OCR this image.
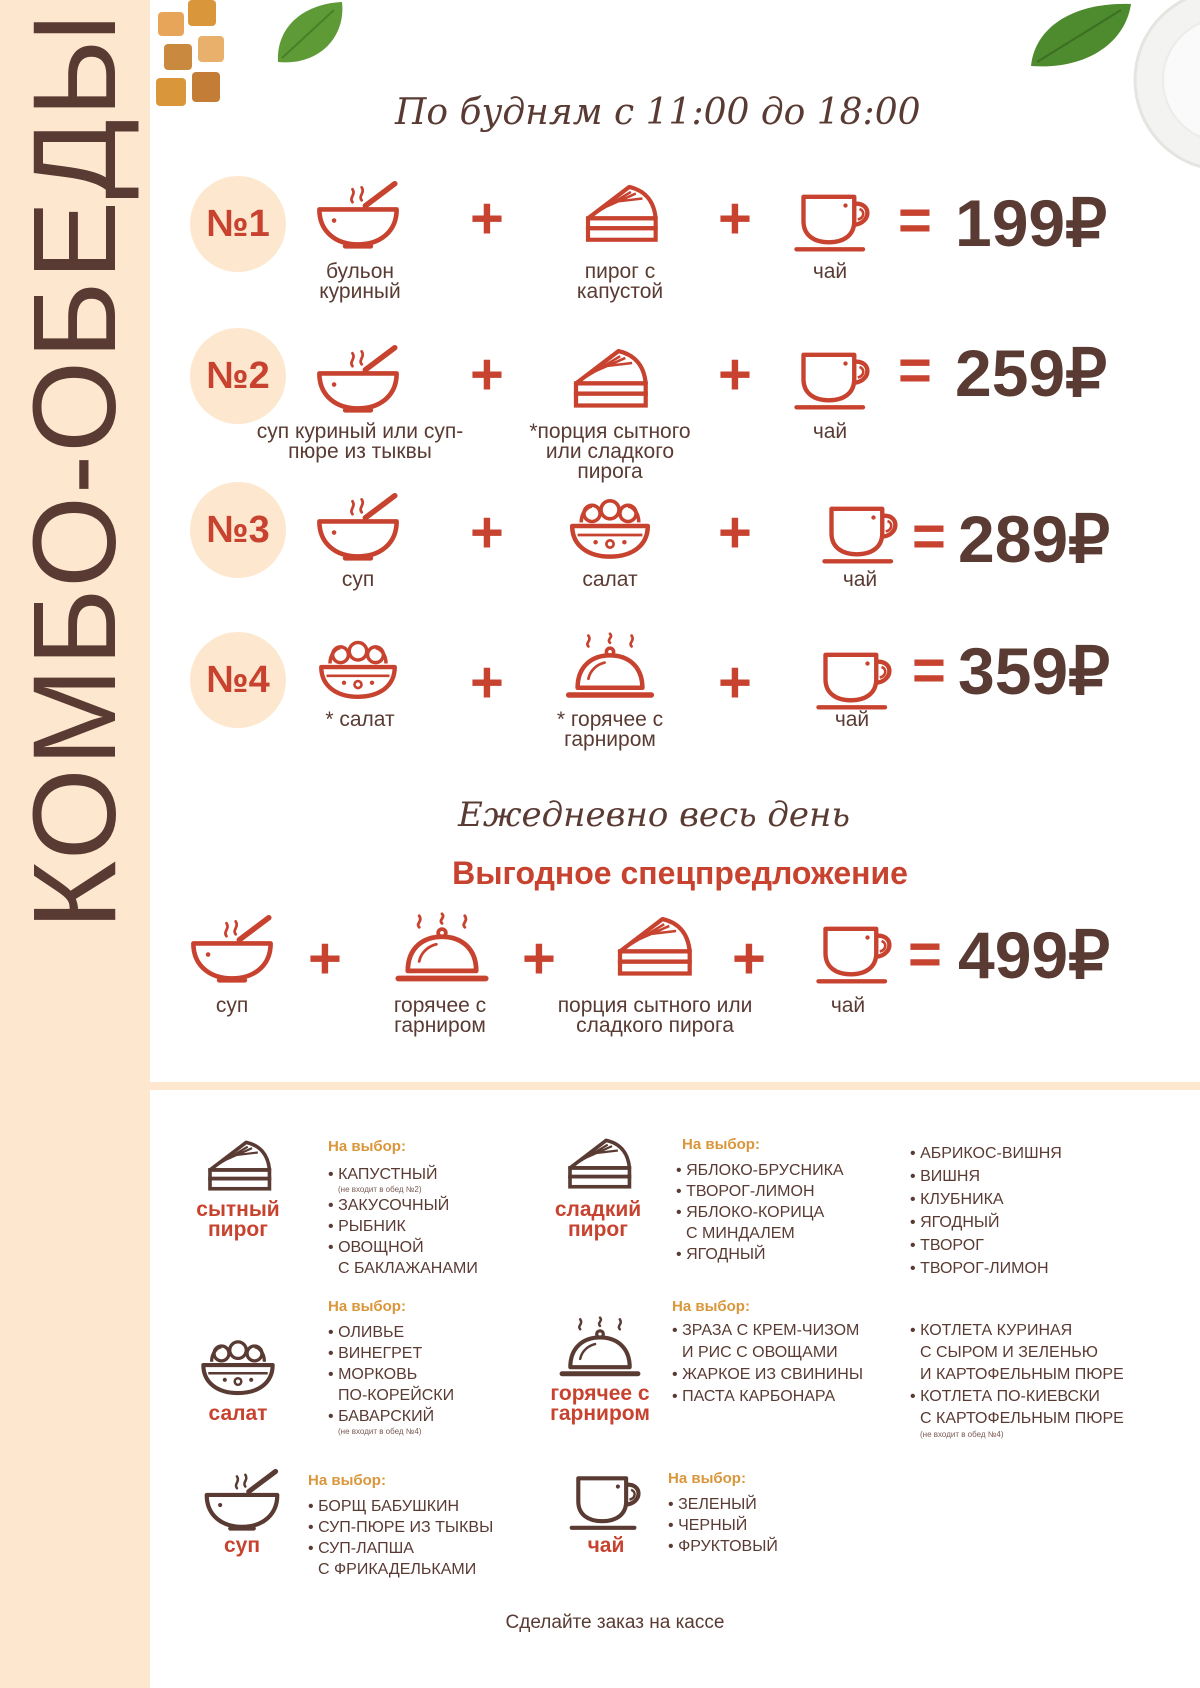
КОМБО-ОБЕДЫ	По будням с 11:00 до 18:00
№1
бульон куриный
+
пирог с капустой
+
чай
= 199₽
№2
суп куриный или суп-пюре из тыквы
+
*порция сытного или сладкого пирога
+
чай
= 259₽
№3
суп
+
салат
+
чай
= 289₽
№4
* салат
+
* горячее с гарниром
+
чай
= 359₽
Ежедневно весь день
Выгодное спецпредложение
суп
+
горячее с гарниром
+
порция сытного или сладкого пирога
+
чай
= 499₽
сытный пирог
На выбор:
• КАПУСТНЫЙ
(не входит в обед №2)
• ЗАКУСОЧНЫЙ
• РЫБНИК
• ОВОЩНОЙ
С БАКЛАЖАНАМИ
сладкий пирог
На выбор:
• ЯБЛОКО-БРУСНИКА
• ТВОРОГ-ЛИМОН
• ЯБЛОКО-КОРИЦА
С МИНДАЛЕМ
• ЯГОДНЫЙ
• АБРИКОС-ВИШНЯ
• ВИШНЯ
• КЛУБНИКА
• ЯГОДНЫЙ
• ТВОРОГ
• ТВОРОГ-ЛИМОН
салат
На выбор:
• ОЛИВЬЕ
• ВИНЕГРЕТ
• МОРКОВЬ
ПО-КОРЕЙСКИ
• БАВАРСКИЙ
(не входит в обед №4)
горячее с гарниром
На выбор:
• ЗРАЗА С КРЕМ-ЧИЗОМ
И РИС С ОВОЩАМИ
• ЖАРКОЕ ИЗ СВИНИНЫ
• ПАСТА КАРБОНАРА
• КОТЛЕТА КУРИНАЯ
С СЫРОМ И ЗЕЛЕНЬЮ
И КАРТОФЕЛЬНЫМ ПЮРЕ
• КОТЛЕТА ПО-КИЕВСКИ
С КАРТОФЕЛЬНЫМ ПЮРЕ
(не входит в обед №4)
суп
На выбор:
• БОРЩ БАБУШКИН
• СУП-ПЮРЕ ИЗ ТЫКВЫ
• СУП-ЛАПША
С ФРИКАДЕЛЬКАМИ
чай
На выбор:
• ЗЕЛЕНЫЙ
• ЧЕРНЫЙ
• ФРУКТОВЫЙ
Сделайте заказ на кассе
